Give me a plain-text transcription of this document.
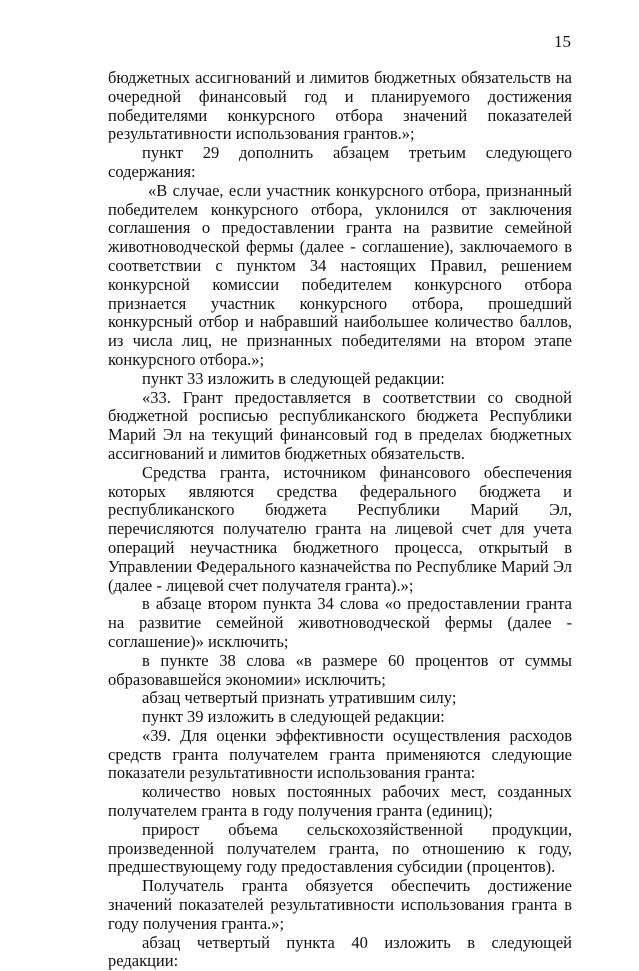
15

бюджетных ассигнований и лимитов бюджетных обязательств на очередной финансовый год и планируемого достижения победителями конкурсного отбора значений показателей результативности использования грантов.»;

пункт 29 дополнить абзацем третьим следующего содержания:

«В случае, если участник конкурсного отбора, признанный победителем конкурсного отбора, уклонился от заключения соглашения о предоставлении гранта на развитие семейной животноводческой фермы (далее - соглашение), заключаемого в соответствии с пунктом 34 настоящих Правил, решением конкурсной комиссии победителем конкурсного отбора признается участник конкурсного отбора, прошедший конкурсный отбор и набравший наибольшее количество баллов, из числа лиц, не признанных победителями на втором этапе конкурсного отбора.»;

пункт 33 изложить в следующей редакции:

«33. Грант предоставляется в соответствии со сводной бюджетной росписью республиканского бюджета Республики Марий Эл на текущий финансовый год в пределах бюджетных ассигнований и лимитов бюджетных обязательств.

Средства гранта, источником финансового обеспечения которых являются средства федерального бюджета и республиканского бюджета Республики Марий Эл, перечисляются получателю гранта на лицевой счет для учета операций неучастника бюджетного процесса, открытый в Управлении Федерального казначейства по Республике Марий Эл (далее - лицевой счет получателя гранта).»;

в абзаце втором пункта 34 слова «о предоставлении гранта на развитие семейной животноводческой фермы (далее - соглашение)» исключить;

в пункте 38 слова «в размере 60 процентов от суммы образовавшейся экономии» исключить;

абзац четвертый признать утратившим силу;

пункт 39 изложить в следующей редакции:

«39. Для оценки эффективности осуществления расходов средств гранта получателем гранта применяются следующие показатели результативности использования гранта:

количество новых постоянных рабочих мест, созданных получателем гранта в году получения гранта (единиц);

прирост объема сельскохозяйственной продукции, произведенной получателем гранта, по отношению к году, предшествующему году предоставления субсидии (процентов).

Получатель гранта обязуется обеспечить достижение значений показателей результативности использования гранта в году получения гранта.»;

абзац четвертый пункта 40 изложить в следующей редакции:
